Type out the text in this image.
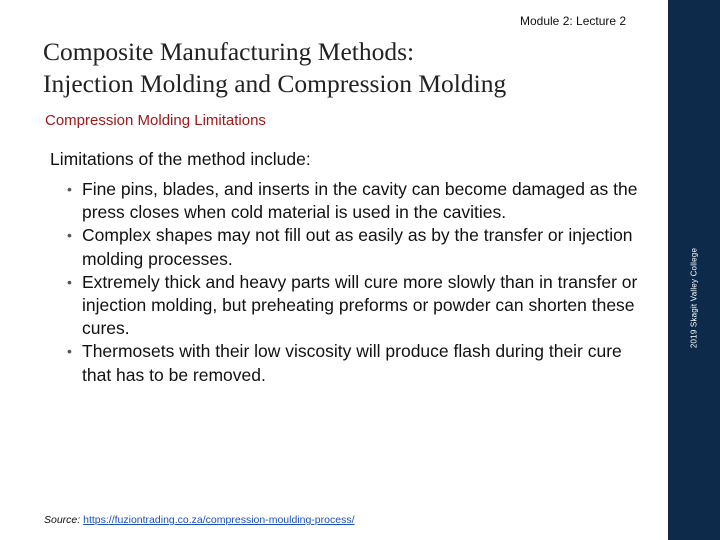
Module 2: Lecture 2
Composite Manufacturing Methods:
Injection Molding and Compression Molding
Compression Molding Limitations
Limitations of the method include:
• Fine pins, blades, and inserts in the cavity can become damaged as the press closes when cold material is used in the cavities.
• Complex shapes may not fill out as easily as by the transfer or injection molding processes.
• Extremely thick and heavy parts will cure more slowly than in transfer or injection molding, but preheating preforms or powder can shorten these cures.
• Thermosets with their low viscosity will produce flash during their cure that has to be removed.
Source: https://fuziontrading.co.za/compression-moulding-process/
2019 Skagit Valley College
